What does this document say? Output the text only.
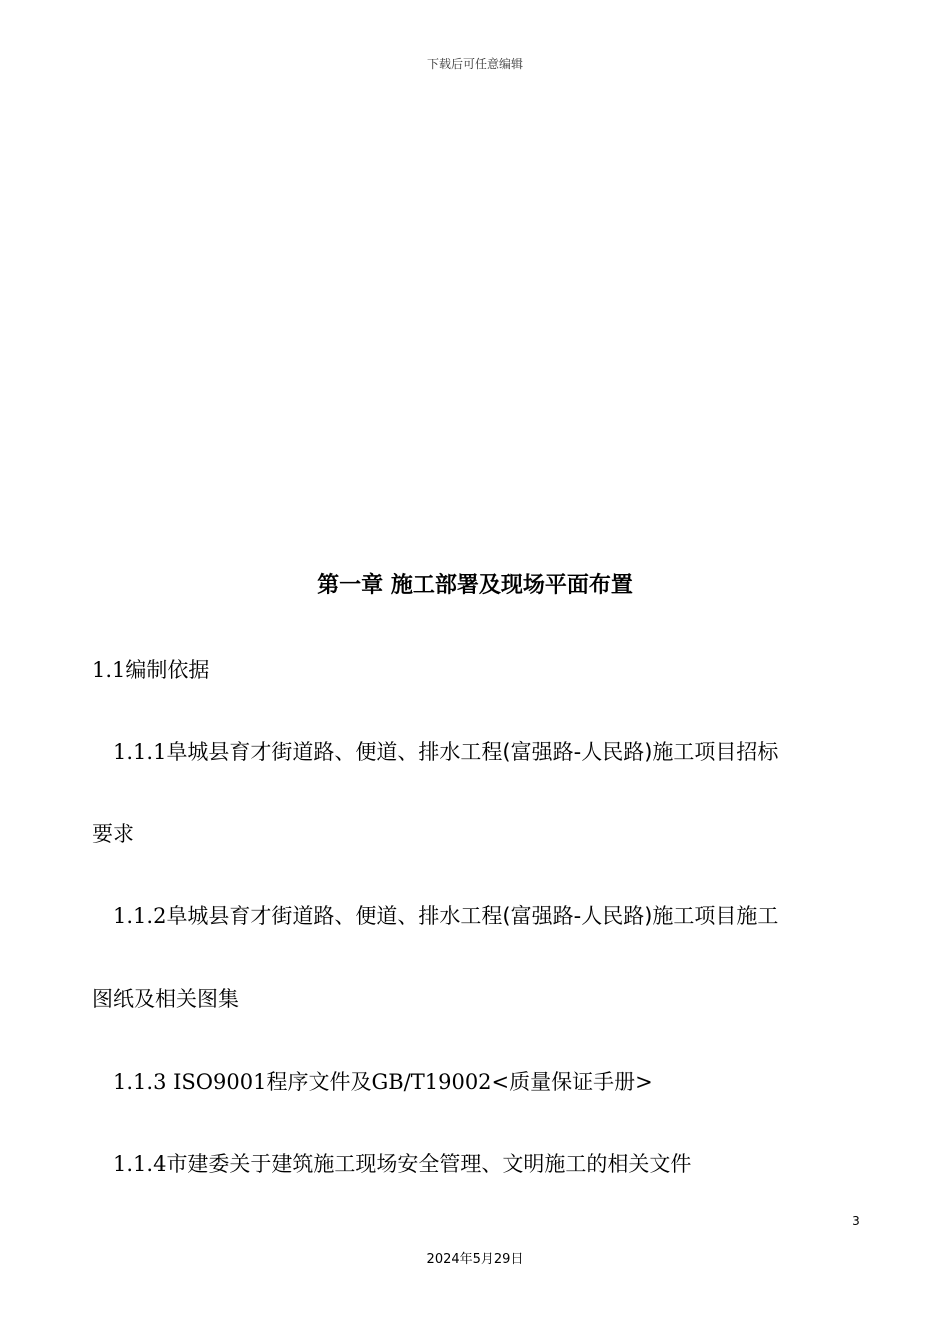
下载后可任意编辑
第一章 施工部署及现场平面布置
1.1编制依据
1.1.1阜城县育才街道路、便道、排水工程(富强路-人民路)施工项目招标
要求
1.1.2阜城县育才街道路、便道、排水工程(富强路-人民路)施工项目施工
图纸及相关图集
1.1.3 ISO9001程序文件及GB/T19002<质量保证手册>
1.1.4市建委关于建筑施工现场安全管理、文明施工的相关文件
3
2024年5月29日
